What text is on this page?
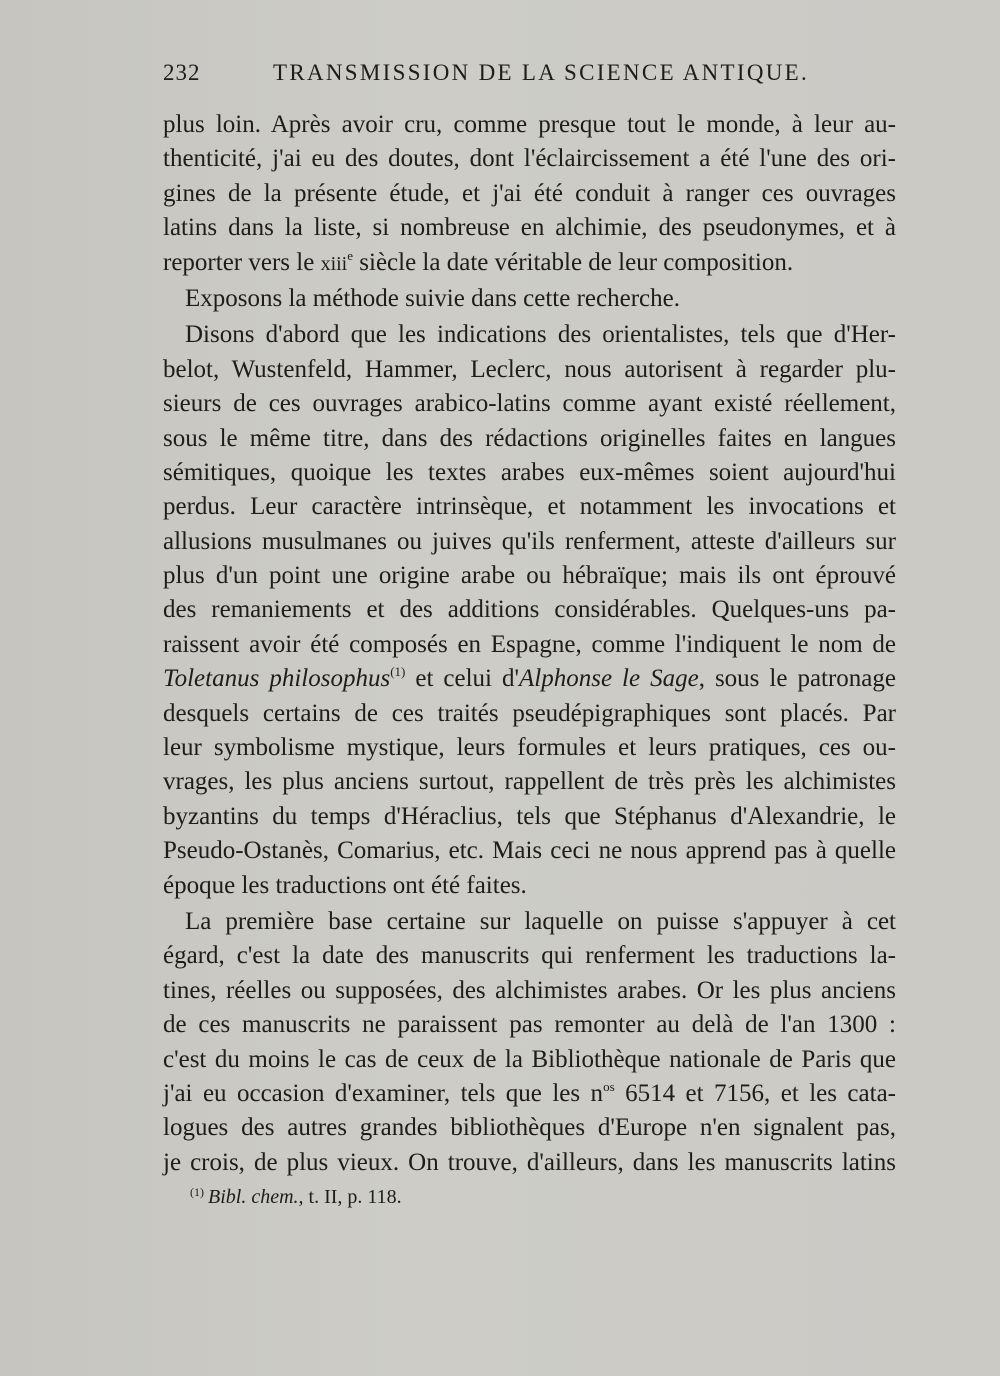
232	TRANSMISSION DE LA SCIENCE ANTIQUE.
plus loin. Après avoir cru, comme presque tout le monde, à leur au-
thenticité, j'ai eu des doutes, dont l'éclaircissement a été l'une des ori-
gines de la présente étude, et j'ai été conduit à ranger ces ouvrages
latins dans la liste, si nombreuse en alchimie, des pseudonymes, et à
reporter vers le xiii$^e$ siècle la date véritable de leur composition.
Exposons la méthode suivie dans cette recherche.
Disons d'abord que les indications des orientalistes, tels que d'Her-
belot, Wustenfeld, Hammer, Leclerc, nous autorisent à regarder plu-
sieurs de ces ouvrages arabico-latins comme ayant existé réellement,
sous le même titre, dans des rédactions originelles faites en langues
sémitiques, quoique les textes arabes eux-mêmes soient aujourd'hui
perdus. Leur caractère intrinsèque, et notamment les invocations et
allusions musulmanes ou juives qu'ils renferment, atteste d'ailleurs sur
plus d'un point une origine arabe ou hébraïque; mais ils ont éprouvé
des remaniements et des additions considérables. Quelques-uns pa-
raissent avoir été composés en Espagne, comme l'indiquent le nom de
Toletanus philosophus$^{(1)}$ et celui d'Alphonse le Sage, sous le patronage
desquels certains de ces traités pseudépigraphiques sont placés. Par
leur symbolisme mystique, leurs formules et leurs pratiques, ces ou-
vrages, les plus anciens surtout, rappellent de très près les alchimistes
byzantins du temps d'Héraclius, tels que Stéphanus d'Alexandrie, le
Pseudo-Ostanès, Comarius, etc. Mais ceci ne nous apprend pas à quelle
époque les traductions ont été faites.
La première base certaine sur laquelle on puisse s'appuyer à cet
égard, c'est la date des manuscrits qui renferment les traductions la-
tines, réelles ou supposées, des alchimistes arabes. Or les plus anciens
de ces manuscrits ne paraissent pas remonter au delà de l'an 1300 :
c'est du moins le cas de ceux de la Bibliothèque nationale de Paris que
j'ai eu occasion d'examiner, tels que les $n^{os}$ 6514 et 7156, et les cata-
logues des autres grandes bibliothèques d'Europe n'en signalent pas,
je crois, de plus vieux. On trouve, d'ailleurs, dans les manuscrits latins
$^{(1)}$ Bibl. chem., t. II, p. 118.
